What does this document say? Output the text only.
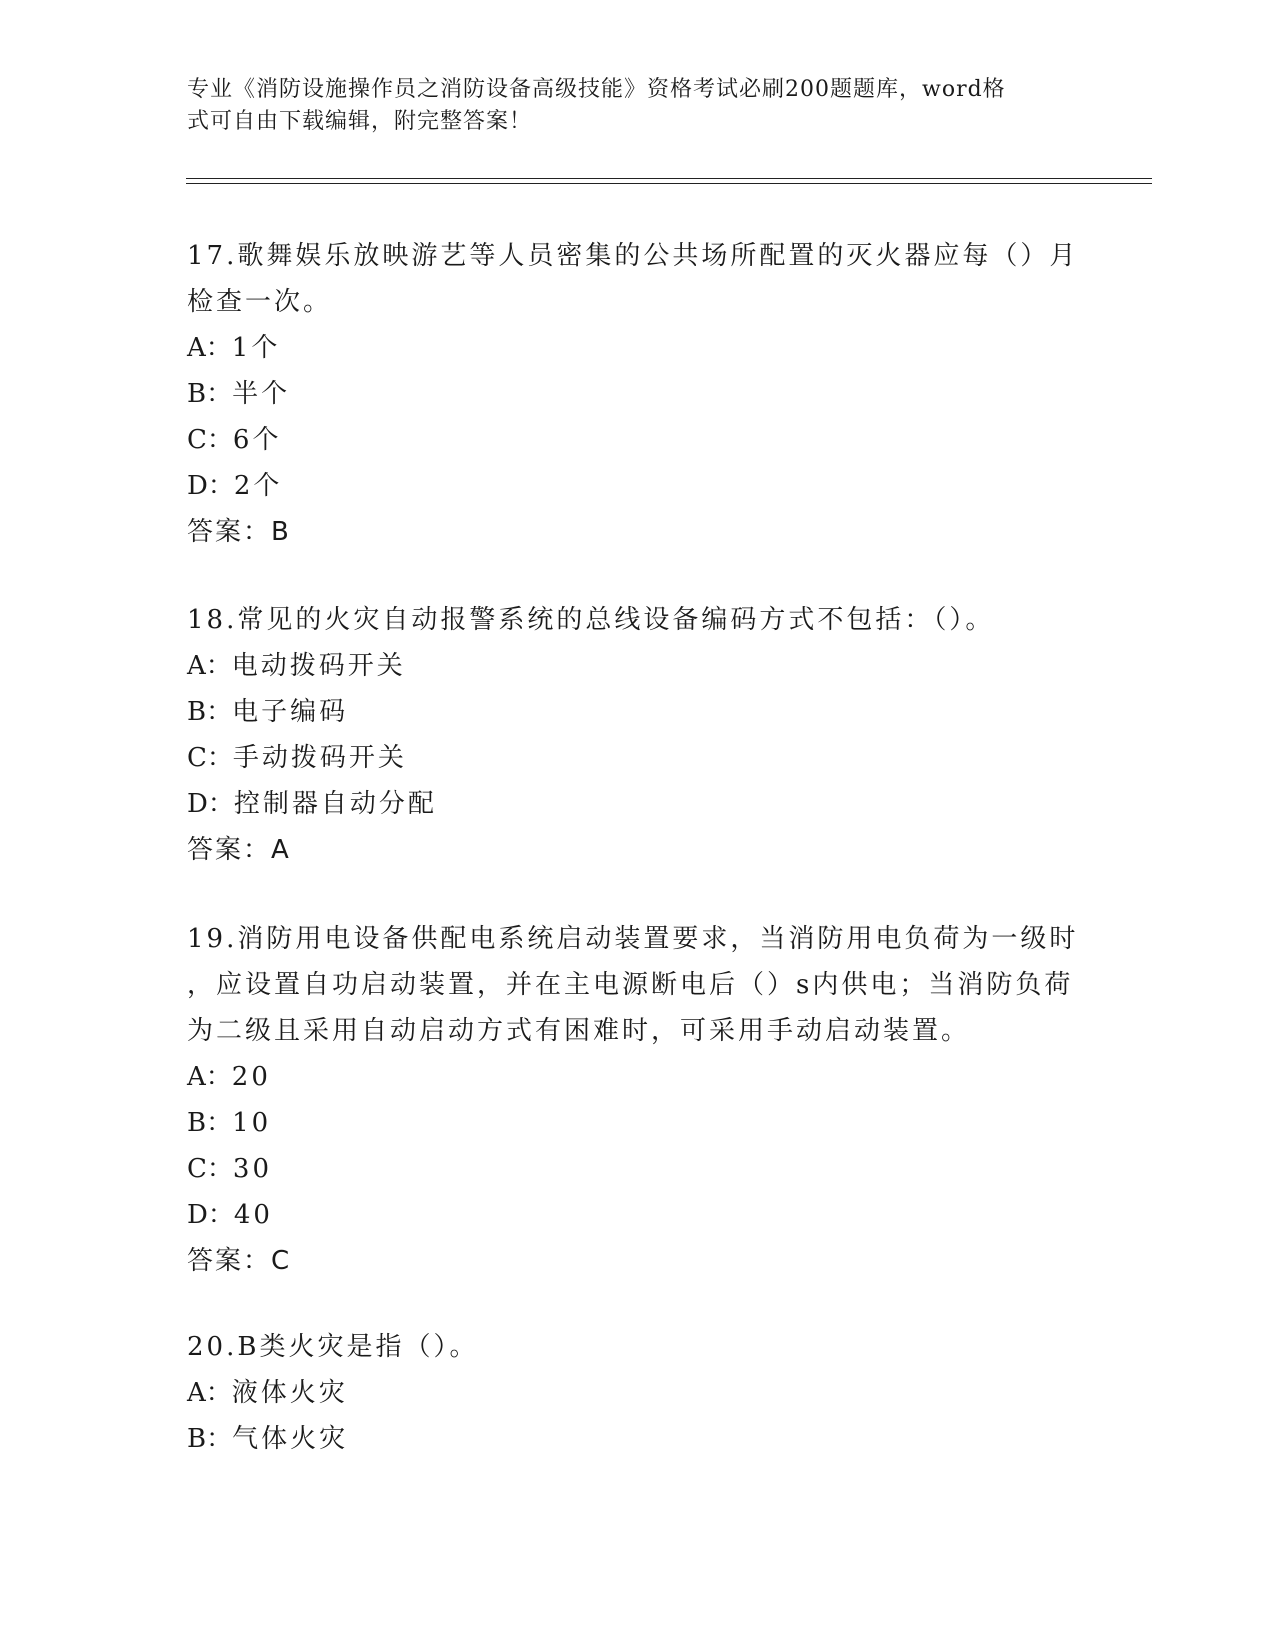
专业《消防设施操作员之消防设备高级技能》资格考试必刷200题题库，word格
式可自由下载编辑，附完整答案！
17.歌舞娱乐放映游艺等人员密集的公共场所配置的灭火器应每（）月
检查一次。
A：1个
B：半个
C：6个
D：2个
答案：B
18.常见的火灾自动报警系统的总线设备编码方式不包括：（）。
A：电动拨码开关
B：电子编码
C：手动拨码开关
D：控制器自动分配
答案：A
19.消防用电设备供配电系统启动装置要求，当消防用电负荷为一级时
，应设置自功启动装置，并在主电源断电后（）s内供电；当消防负荷
为二级且采用自动启动方式有困难时，可采用手动启动装置。
A：20
B：10
C：30
D：40
答案：C
20.B类火灾是指（）。
A：液体火灾
B：气体火灾
